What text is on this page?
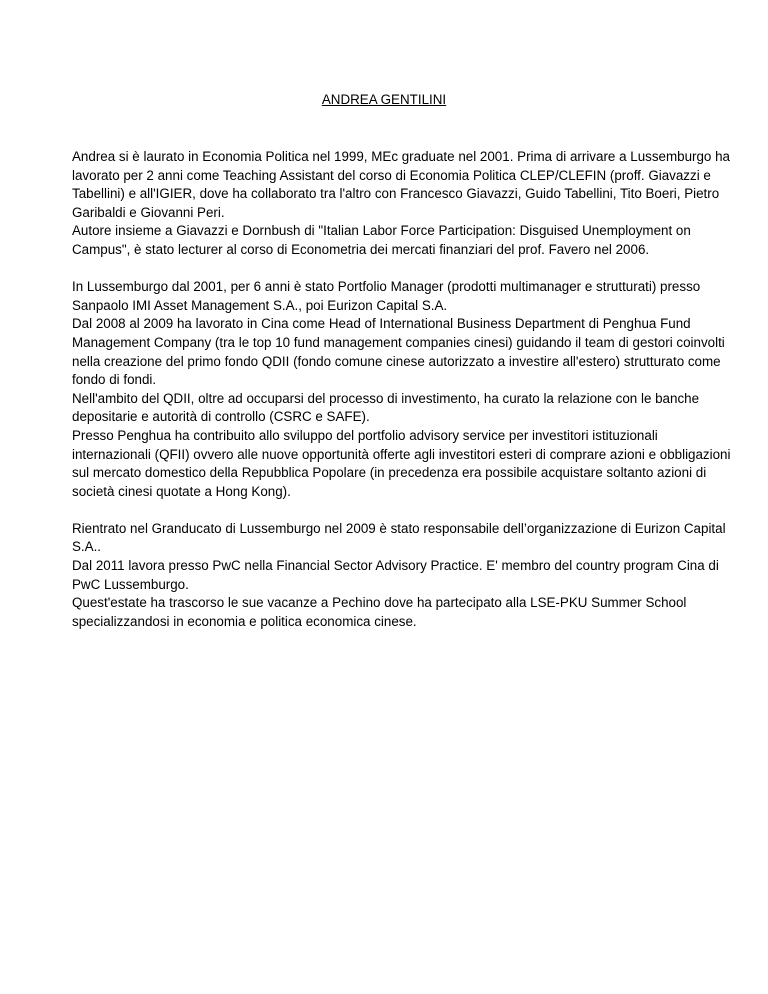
ANDREA GENTILINI

Andrea si è laurato in Economia Politica nel 1999, MEc graduate nel 2001. Prima di arrivare a Lussemburgo ha
lavorato per 2 anni come Teaching Assistant del corso di Economia Politica CLEP/CLEFIN (proff. Giavazzi e
Tabellini) e all'IGIER, dove ha collaborato tra l'altro con Francesco Giavazzi, Guido Tabellini, Tito Boeri, Pietro
Garibaldi e Giovanni Peri.
Autore insieme a Giavazzi e Dornbush di "Italian Labor Force Participation: Disguised Unemployment on
Campus", è stato lecturer al corso di Econometria dei mercati finanziari del prof. Favero nel 2006.

In Lussemburgo dal 2001, per 6 anni è stato Portfolio Manager (prodotti multimanager e strutturati) presso
Sanpaolo IMI Asset Management S.A., poi Eurizon Capital S.A.
Dal 2008 al 2009 ha lavorato in Cina come Head of International Business Department di Penghua Fund
Management Company (tra le top 10 fund management companies cinesi) guidando il team di gestori coinvolti
nella creazione del primo fondo QDII (fondo comune cinese autorizzato a investire all'estero) strutturato come
fondo di fondi.
Nell'ambito del QDII, oltre ad occuparsi del processo di investimento, ha curato la relazione con le banche
depositarie e autorità di controllo (CSRC e SAFE).
Presso Penghua ha contribuito allo sviluppo del portfolio advisory service per investitori istituzionali
internazionali (QFII) ovvero alle nuove opportunità offerte agli investitori esteri di comprare azioni e obbligazioni
sul mercato domestico della Repubblica Popolare (in precedenza era possibile acquistare soltanto azioni di
società cinesi quotate a Hong Kong).

Rientrato nel Granducato di Lussemburgo nel 2009 è stato responsabile dell’organizzazione di Eurizon Capital
S.A..
Dal 2011 lavora presso PwC nella Financial Sector Advisory Practice. E' membro del country program Cina di
PwC Lussemburgo.
Quest'estate ha trascorso le sue vacanze a Pechino dove ha partecipato alla LSE-PKU Summer School
specializzandosi in economia e politica economica cinese.
